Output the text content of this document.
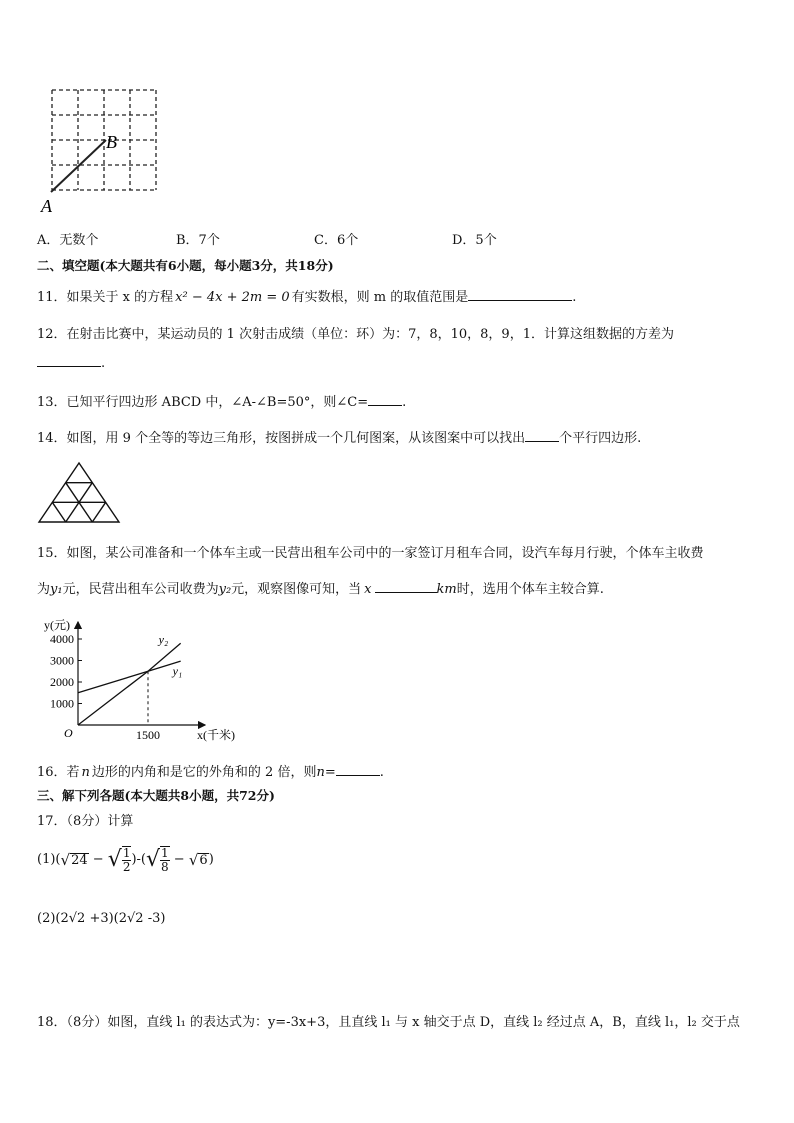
A
B
A．无数个	B．7个	C．6个	D．5个
二、填空题(本大题共有6小题，每小题3分，共18分)
11．如果关于 x 的方程 x² − 4x + 2m = 0 有实数根，则 m 的取值范围是	.
12．在射击比赛中，某运动员的 1 次射击成绩（单位：环）为：7，8，10，8，9，1．计算这组数据的方差为
.
13．已知平行四边形 ABCD 中，∠A-∠B=50°，则∠C=	.
14．如图，用 9 个全等的等边三角形，按图拼成一个几何图案，从该图案中可以找出	个平行四边形.
15．如图，某公司准备和一个体车主或一民营出租车公司中的一家签订月租车合同，设汽车每月行驶，个体车主收费
为y₁元，民营出租车公司收费为y₂元，观察图像可知，当 x	km时，选用个体车主较合算.
y(元)
x(千米)
O
1000
2000
3000
4000
1500
y₂
y₁
16．若 n 边形的内角和是它的外角和的 2 倍，则n=	.
三、解下列各题(本大题共8小题，共72分)
17．（8分）计算
(1) ( √ 24 − √ $\frac{1}{2}$ )-( √ $\frac{1}{8}$ − √ 6 )
(2)(2√2 +3)(2√2 -3)
18．（8分）如图，直线 l₁ 的表达式为：y=-3x+3，且直线 l₁ 与 x 轴交于点 D，直线 l₂ 经过点 A，B，直线 l₁，l₂ 交于点
